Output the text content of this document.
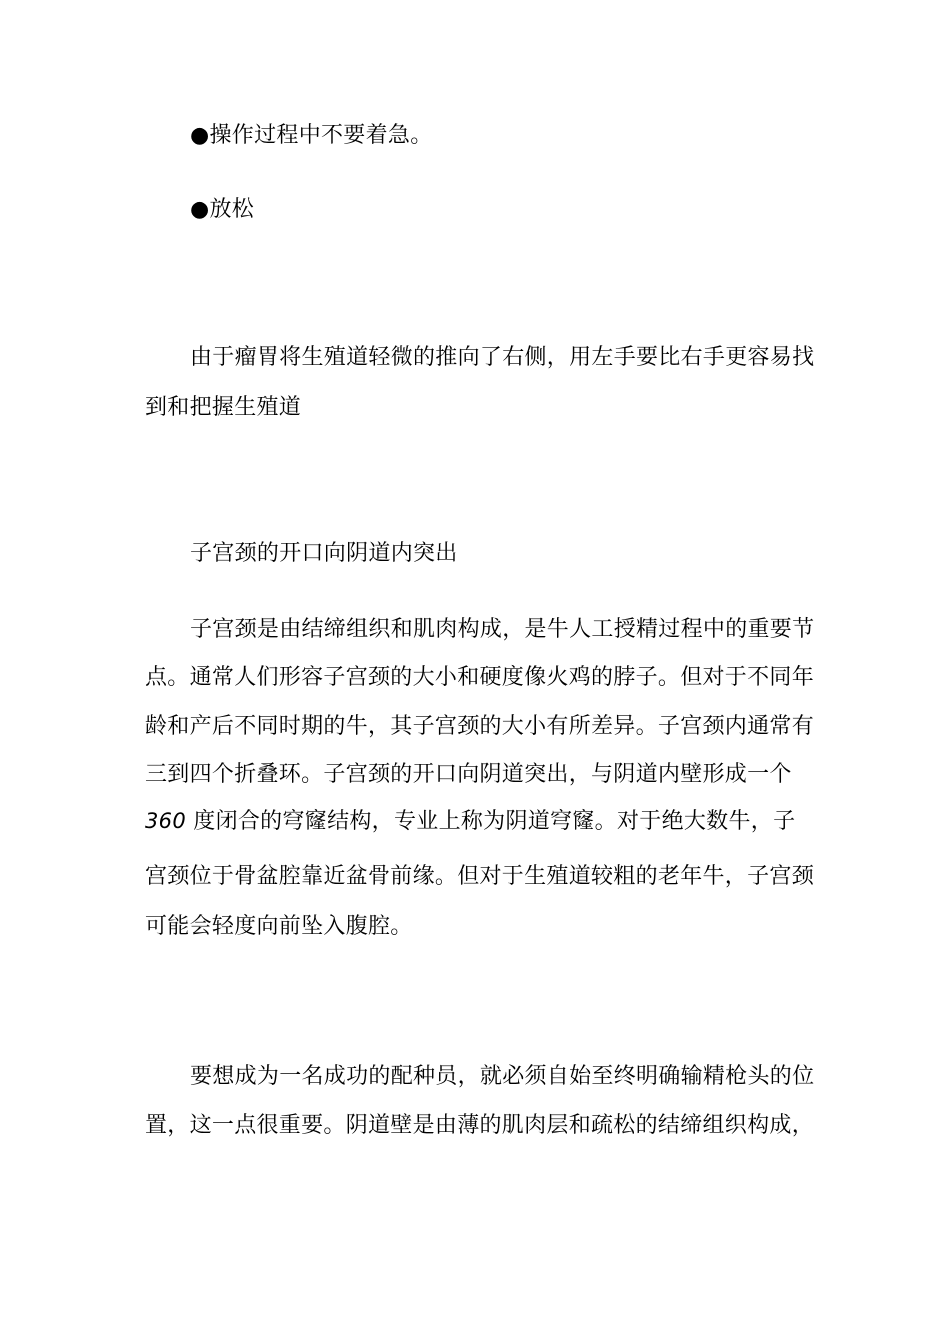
●操作过程中不要着急。
●放松
由于瘤胃将生殖道轻微的推向了右侧，用左手要比右手更容易找
到和把握生殖道
子宫颈的开口向阴道内突出
子宫颈是由结缔组织和肌肉构成，是牛人工授精过程中的重要节
点。通常人们形容子宫颈的大小和硬度像火鸡的脖子。但对于不同年
龄和产后不同时期的牛，其子宫颈的大小有所差异。子宫颈内通常有
三到四个折叠环。子宫颈的开口向阴道突出，与阴道内壁形成一个
360 度闭合的穹窿结构，专业上称为阴道穹窿。对于绝大数牛，子
宫颈位于骨盆腔靠近盆骨前缘。但对于生殖道较粗的老年牛，子宫颈
可能会轻度向前坠入腹腔。
要想成为一名成功的配种员，就必须自始至终明确输精枪头的位
置，这一点很重要。阴道壁是由薄的肌肉层和疏松的结缔组织构成，
